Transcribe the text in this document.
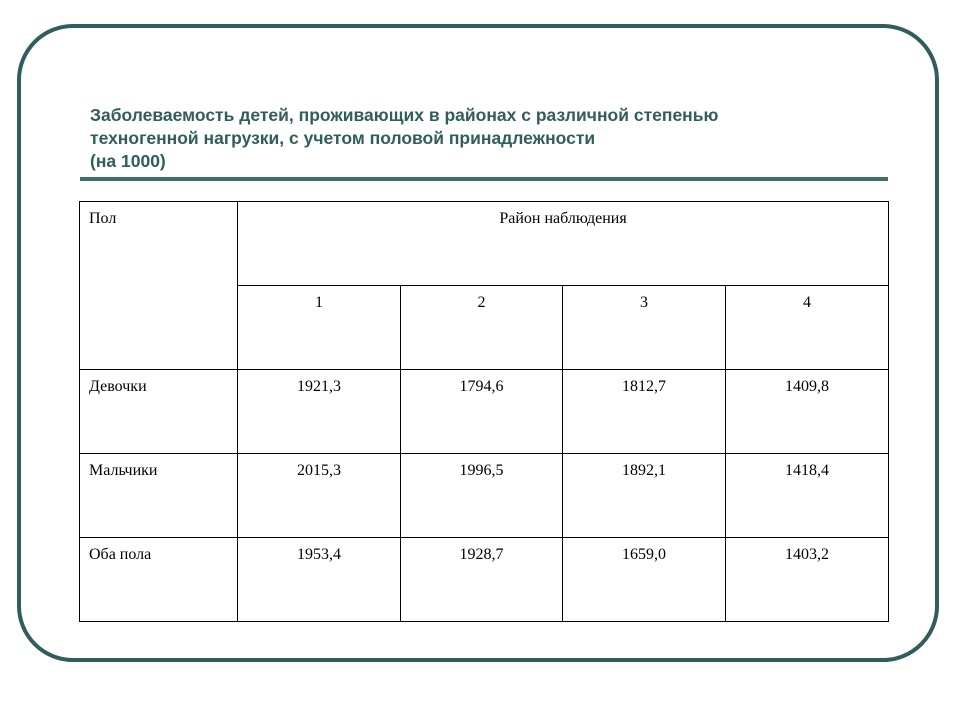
Заболеваемость детей, проживающих в районах с различной степенью
техногенной нагрузки, с учетом половой принадлежности
(на 1000)
Пол	Район наблюдения			
	1	2	3	4
Девочки	1921,3	1794,6	1812,7	1409,8
Мальчики	2015,3	1996,5	1892,1	1418,4
Оба пола	1953,4	1928,7	1659,0	1403,2
